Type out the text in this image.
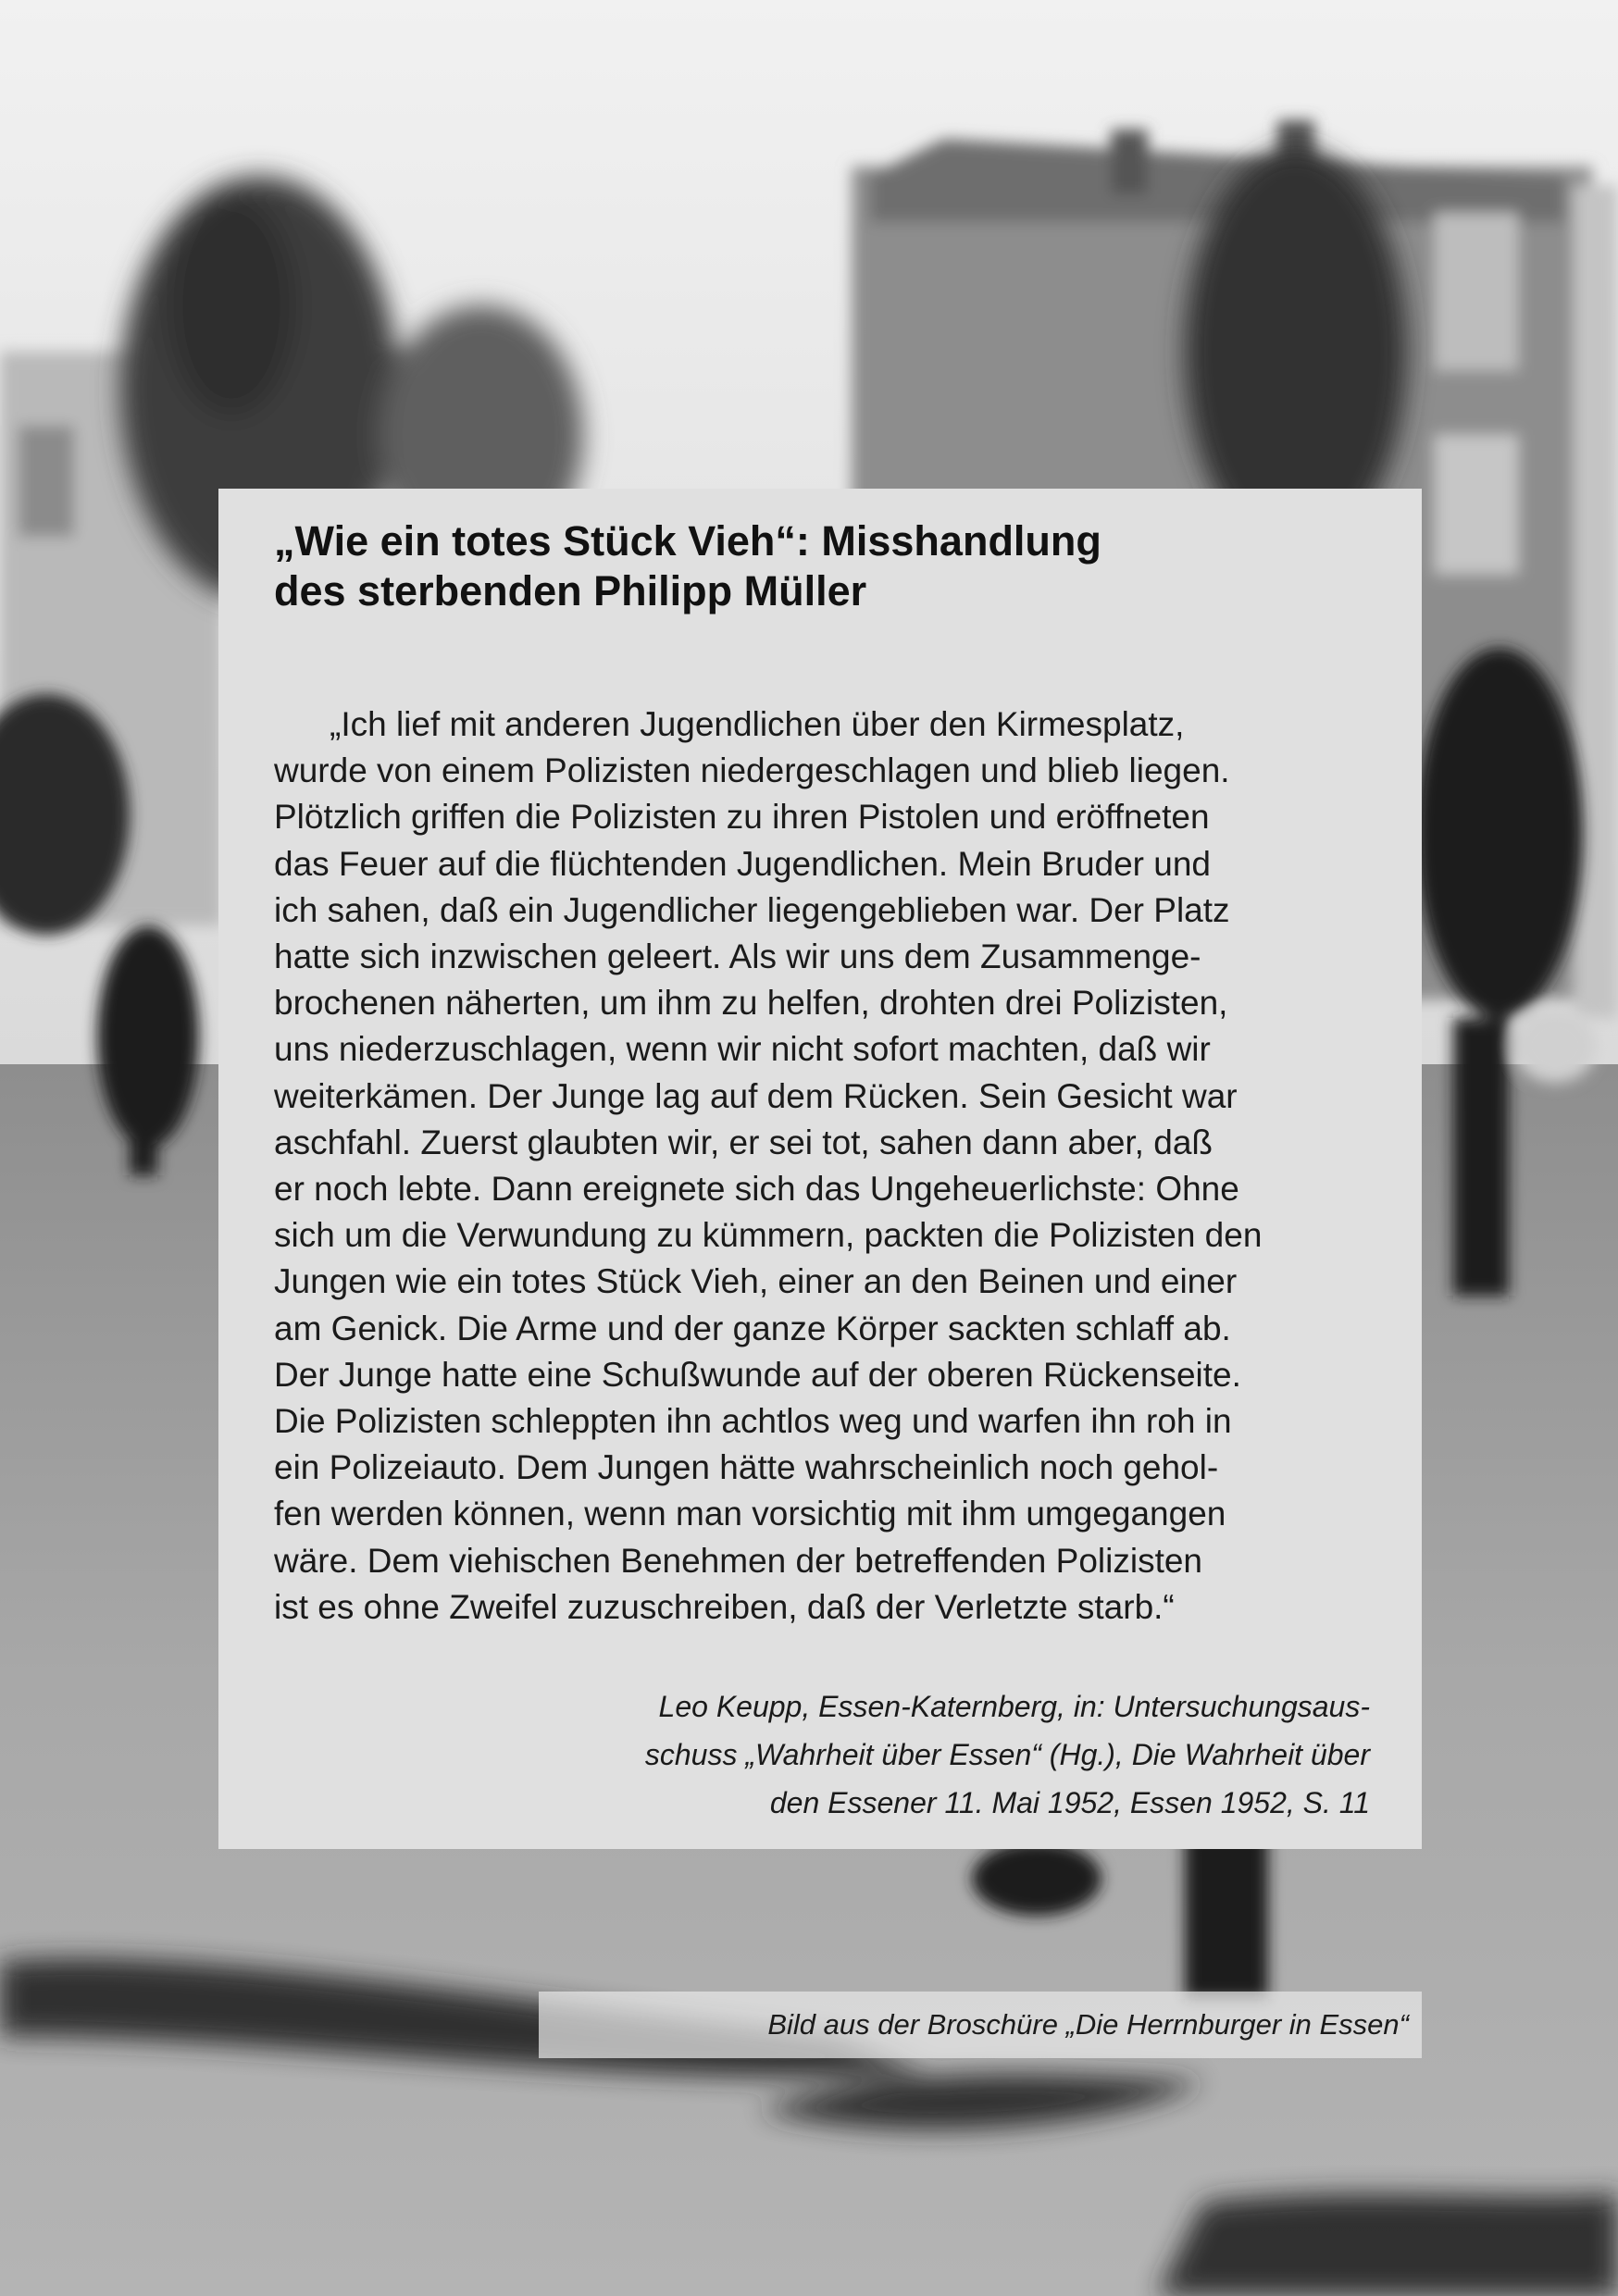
„Wie ein totes Stück Vieh“: Misshandlung
des sterbenden Philipp Müller
„Ich lief mit anderen Jugendlichen über den Kirmesplatz,
wurde von einem Polizisten niedergeschlagen und blieb liegen.
Plötzlich griffen die Polizisten zu ihren Pistolen und eröffneten
das Feuer auf die flüchtenden Jugendlichen. Mein Bruder und
ich sahen, daß ein Jugendlicher liegengeblieben war. Der Platz
hatte sich inzwischen geleert. Als wir uns dem Zusammenge-
brochenen näherten, um ihm zu helfen, drohten drei Polizisten,
uns niederzuschlagen, wenn wir nicht sofort machten, daß wir
weiterkämen. Der Junge lag auf dem Rücken. Sein Gesicht war
aschfahl. Zuerst glaubten wir, er sei tot, sahen dann aber, daß
er noch lebte. Dann ereignete sich das Ungeheuerlichste: Ohne
sich um die Verwundung zu kümmern, packten die Polizisten den
Jungen wie ein totes Stück Vieh, einer an den Beinen und einer
am Genick. Die Arme und der ganze Körper sackten schlaff ab.
Der Junge hatte eine Schußwunde auf der oberen Rückenseite.
Die Polizisten schleppten ihn achtlos weg und warfen ihn roh in
ein Polizeiauto. Dem Jungen hätte wahrscheinlich noch gehol-
fen werden können, wenn man vorsichtig mit ihm umgegangen
wäre. Dem viehischen Benehmen der betreffenden Polizisten
ist es ohne Zweifel zuzuschreiben, daß der Verletzte starb.“
Leo Keupp, Essen-Katernberg, in: Untersuchungsaus-
schuss „Wahrheit über Essen“ (Hg.), Die Wahrheit über
den Essener 11. Mai 1952, Essen 1952, S. 11
Bild aus der Broschüre „Die Herrnburger in Essen“
